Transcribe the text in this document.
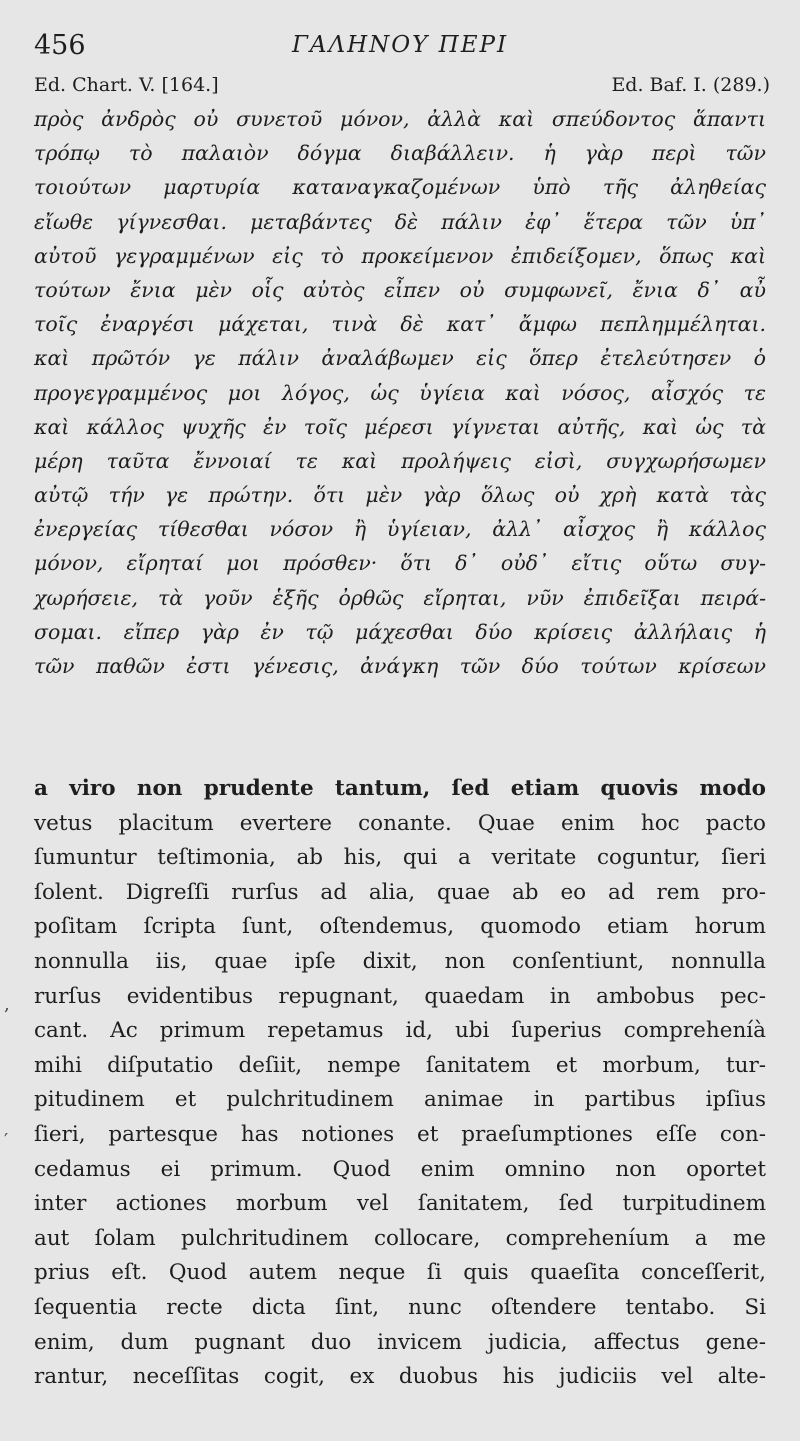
456	ΓΑΛΗΝΟΥ ΠΕΡΙ
Ed. Chart. V. [164.]	Ed. Baf. I. (289.)
πρὸς ἀνδρὸς οὐ συνετοῦ μόνον, ἀλλὰ καὶ σπεύδοντος ἅπαντι
τρόπῳ τὸ παλαιὸν δόγμα διαβάλλειν. ἡ γὰρ περὶ τῶν
τοιούτων μαρτυρία καταναγκαζομένων ὑπὸ τῆς ἀληθείας
εἴωθε γίγνεσθαι. μεταβάντες δὲ πάλιν ἐφ᾿ ἕτερα τῶν ὑπ᾿
αὐτοῦ γεγραμμένων εἰς τὸ προκείμενον ἐπιδείξομεν, ὅπως καὶ
τούτων ἔνια μὲν οἷς αὐτὸς εἶπεν οὐ συμφωνεῖ, ἔνια δ᾿ αὖ
τοῖς ἐναργέσι μάχεται, τινὰ δὲ κατ᾿ ἄμφω πεπλημμέληται.
καὶ πρῶτόν γε πάλιν ἀναλάβωμεν εἰς ὅπερ ἐτελεύτησεν ὁ
προγεγραμμένος μοι λόγος, ὡς ὑγίεια καὶ νόσος, αἶσχός τε
καὶ κάλλος ψυχῆς ἐν τοῖς μέρεσι γίγνεται αὐτῆς, καὶ ὡς τὰ
μέρη ταῦτα ἔννοιαί τε καὶ προλήψεις εἰσὶ, συγχωρήσωμεν
αὐτῷ τήν γε πρώτην. ὅτι μὲν γὰρ ὅλως οὐ χρὴ κατὰ τὰς
ἐνεργείας τίθεσθαι νόσον ἢ ὑγίειαν, ἀλλ᾿ αἶσχος ἢ κάλλος
μόνον, εἴρηταί μοι πρόσθεν· ὅτι δ᾿ οὐδ᾿ εἴτις οὕτω συγ-
χωρήσειε, τὰ γοῦν ἑξῆς ὀρθῶς εἴρηται, νῦν ἐπιδεῖξαι πειρά-
σομαι. εἴπερ γὰρ ἐν τῷ μάχεσθαι δύο κρίσεις ἀλλήλαις ἡ
τῶν παθῶν ἐστι γένεσις, ἀνάγκη τῶν δύο τούτων κρίσεων
a viro non prudente tantum, ſed etiam quovis modo
vetus placitum evertere conante. Quae enim hoc pacto
ſumuntur teſtimonia, ab his, qui a veritate coguntur, ſieri
ſolent. Digreſſi rurſus ad alia, quae ab eo ad rem pro-
poſitam ſcripta ſunt, oſtendemus, quomodo etiam horum
nonnulla iis, quae ipſe dixit, non conſentiunt, nonnulla
rurſus evidentibus repugnant, quaedam in ambobus pec-
cant. Ac primum repetamus id, ubi ſuperius compreheníà
mihi diſputatio deſiit, nempe ſanitatem et morbum, tur-
pitudinem et pulchritudinem animae in partibus ipſius
ſieri, partesque has notiones et praeſumptiones eſſe con-
cedamus ei primum. Quod enim omnino non oportet
inter actiones morbum vel ſanitatem, ſed turpitudinem
aut ſolam pulchritudinem collocare, compreheníum a me
prius eſt. Quod autem neque ſi quis quaeſita conceſſerit,
ſequentia recte dicta ſint, nunc oſtendere tentabo. Si
enim, dum pugnant duo invicem judicia, affectus gene-
rantur, neceſſitas cogit, ex duobus his judiciis vel alte-
,
′
